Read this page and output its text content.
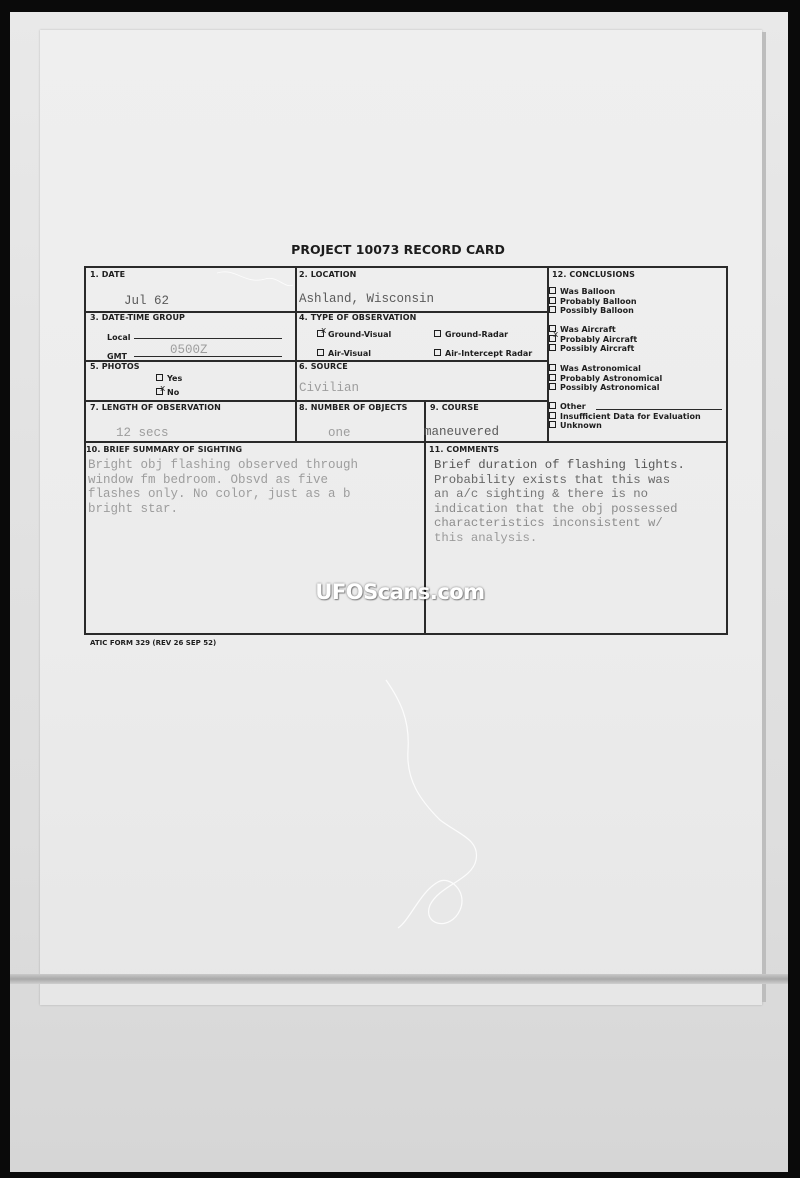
PROJECT 10073 RECORD CARD
1. DATE
Jul 62
2. LOCATION
Ashland, Wisconsin
3. DATE-TIME GROUP
Local
GMT	0500Z
4. TYPE OF OBSERVATION
xGround-Visual	Ground-Radar
Air-Visual	Air-Intercept Radar
5. PHOTOS
Yes
xNo
6. SOURCE
Civilian
7. LENGTH OF OBSERVATION
12 secs
8. NUMBER OF OBJECTS
one
9. COURSE
maneuvered
10. BRIEF SUMMARY OF SIGHTING
Bright obj flashing observed through
window fm bedroom. Obsvd as five
flashes only. No color, just as a b
bright star.
11. COMMENTS
Brief duration of flashing lights.
Probability exists that this was
an a/c sighting & there is no
indication that the obj possessed
characteristics inconsistent w/
this analysis.
12. CONCLUSIONS
Was Balloon
Probably Balloon
Possibly Balloon
Was Aircraft
xProbably Aircraft
Possibly Aircraft
Was Astronomical
Probably Astronomical
Possibly Astronomical
Other
Insufficient Data for Evaluation
Unknown
ATIC FORM 329 (REV 26 SEP 52)
UFOScans.com
